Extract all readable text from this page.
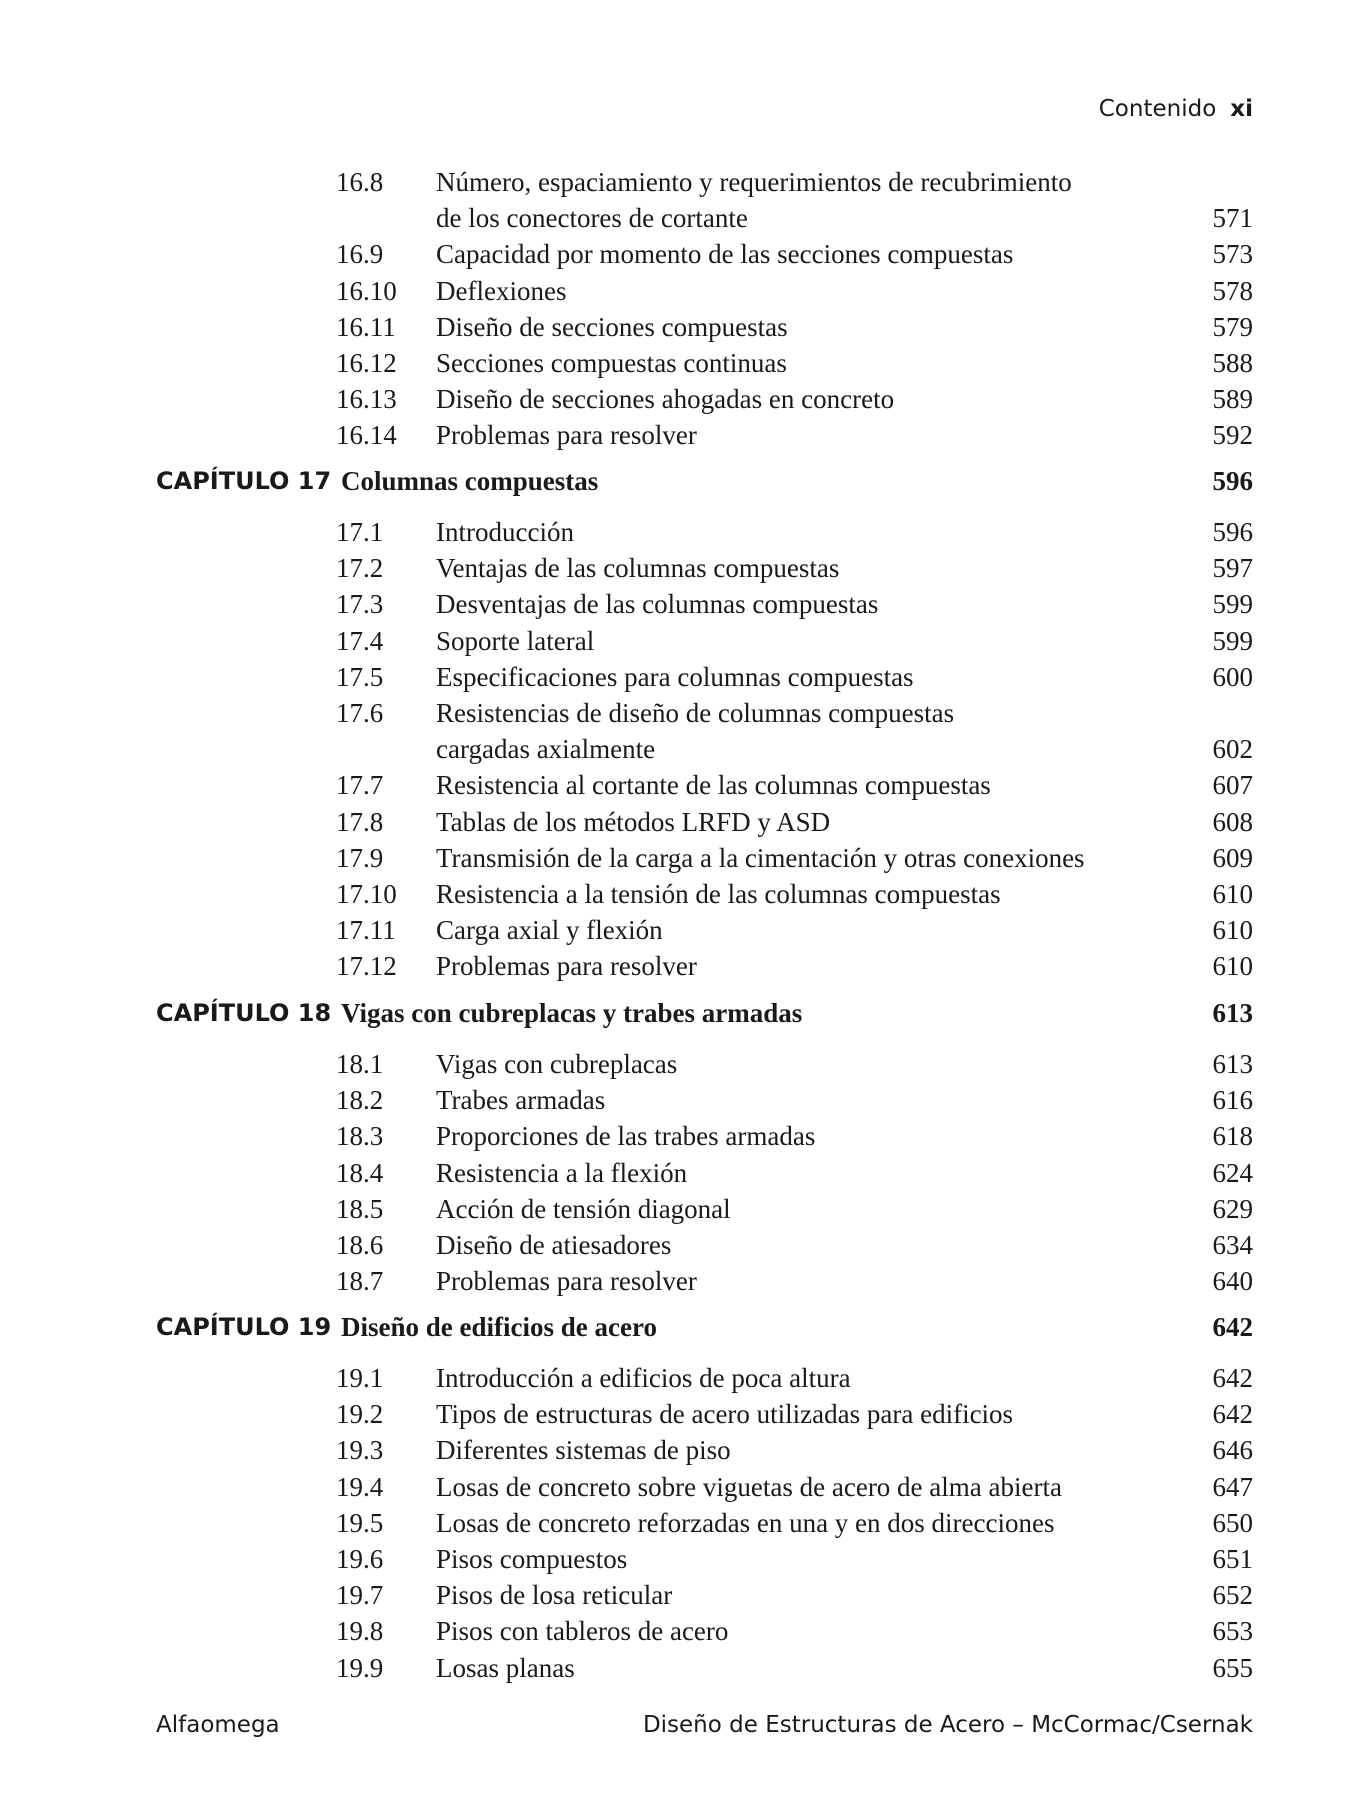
Contenido xi
16.8 Número, espaciamiento y requerimientos de recubrimiento
de los conectores de cortante	571
16.9 Capacidad por momento de las secciones compuestas	573
16.10 Deflexiones	578
16.11 Diseño de secciones compuestas	579
16.12 Secciones compuestas continuas	588
16.13 Diseño de secciones ahogadas en concreto	589
16.14 Problemas para resolver	592
CAPÍTULO 17 Columnas compuestas	596
17.1 Introducción	596
17.2 Ventajas de las columnas compuestas	597
17.3 Desventajas de las columnas compuestas	599
17.4 Soporte lateral	599
17.5 Especificaciones para columnas compuestas	600
17.6 Resistencias de diseño de columnas compuestas
cargadas axialmente	602
17.7 Resistencia al cortante de las columnas compuestas	607
17.8 Tablas de los métodos LRFD y ASD	608
17.9 Transmisión de la carga a la cimentación y otras conexiones	609
17.10 Resistencia a la tensión de las columnas compuestas	610
17.11 Carga axial y flexión	610
17.12 Problemas para resolver	610
CAPÍTULO 18 Vigas con cubreplacas y trabes armadas	613
18.1 Vigas con cubreplacas	613
18.2 Trabes armadas	616
18.3 Proporciones de las trabes armadas	618
18.4 Resistencia a la flexión	624
18.5 Acción de tensión diagonal	629
18.6 Diseño de atiesadores	634
18.7 Problemas para resolver	640
CAPÍTULO 19 Diseño de edificios de acero	642
19.1 Introducción a edificios de poca altura	642
19.2 Tipos de estructuras de acero utilizadas para edificios	642
19.3 Diferentes sistemas de piso	646
19.4 Losas de concreto sobre viguetas de acero de alma abierta	647
19.5 Losas de concreto reforzadas en una y en dos direcciones	650
19.6 Pisos compuestos	651
19.7 Pisos de losa reticular	652
19.8 Pisos con tableros de acero	653
19.9 Losas planas	655
Alfaomega	Diseño de Estructuras de Acero – McCormac/Csernak
